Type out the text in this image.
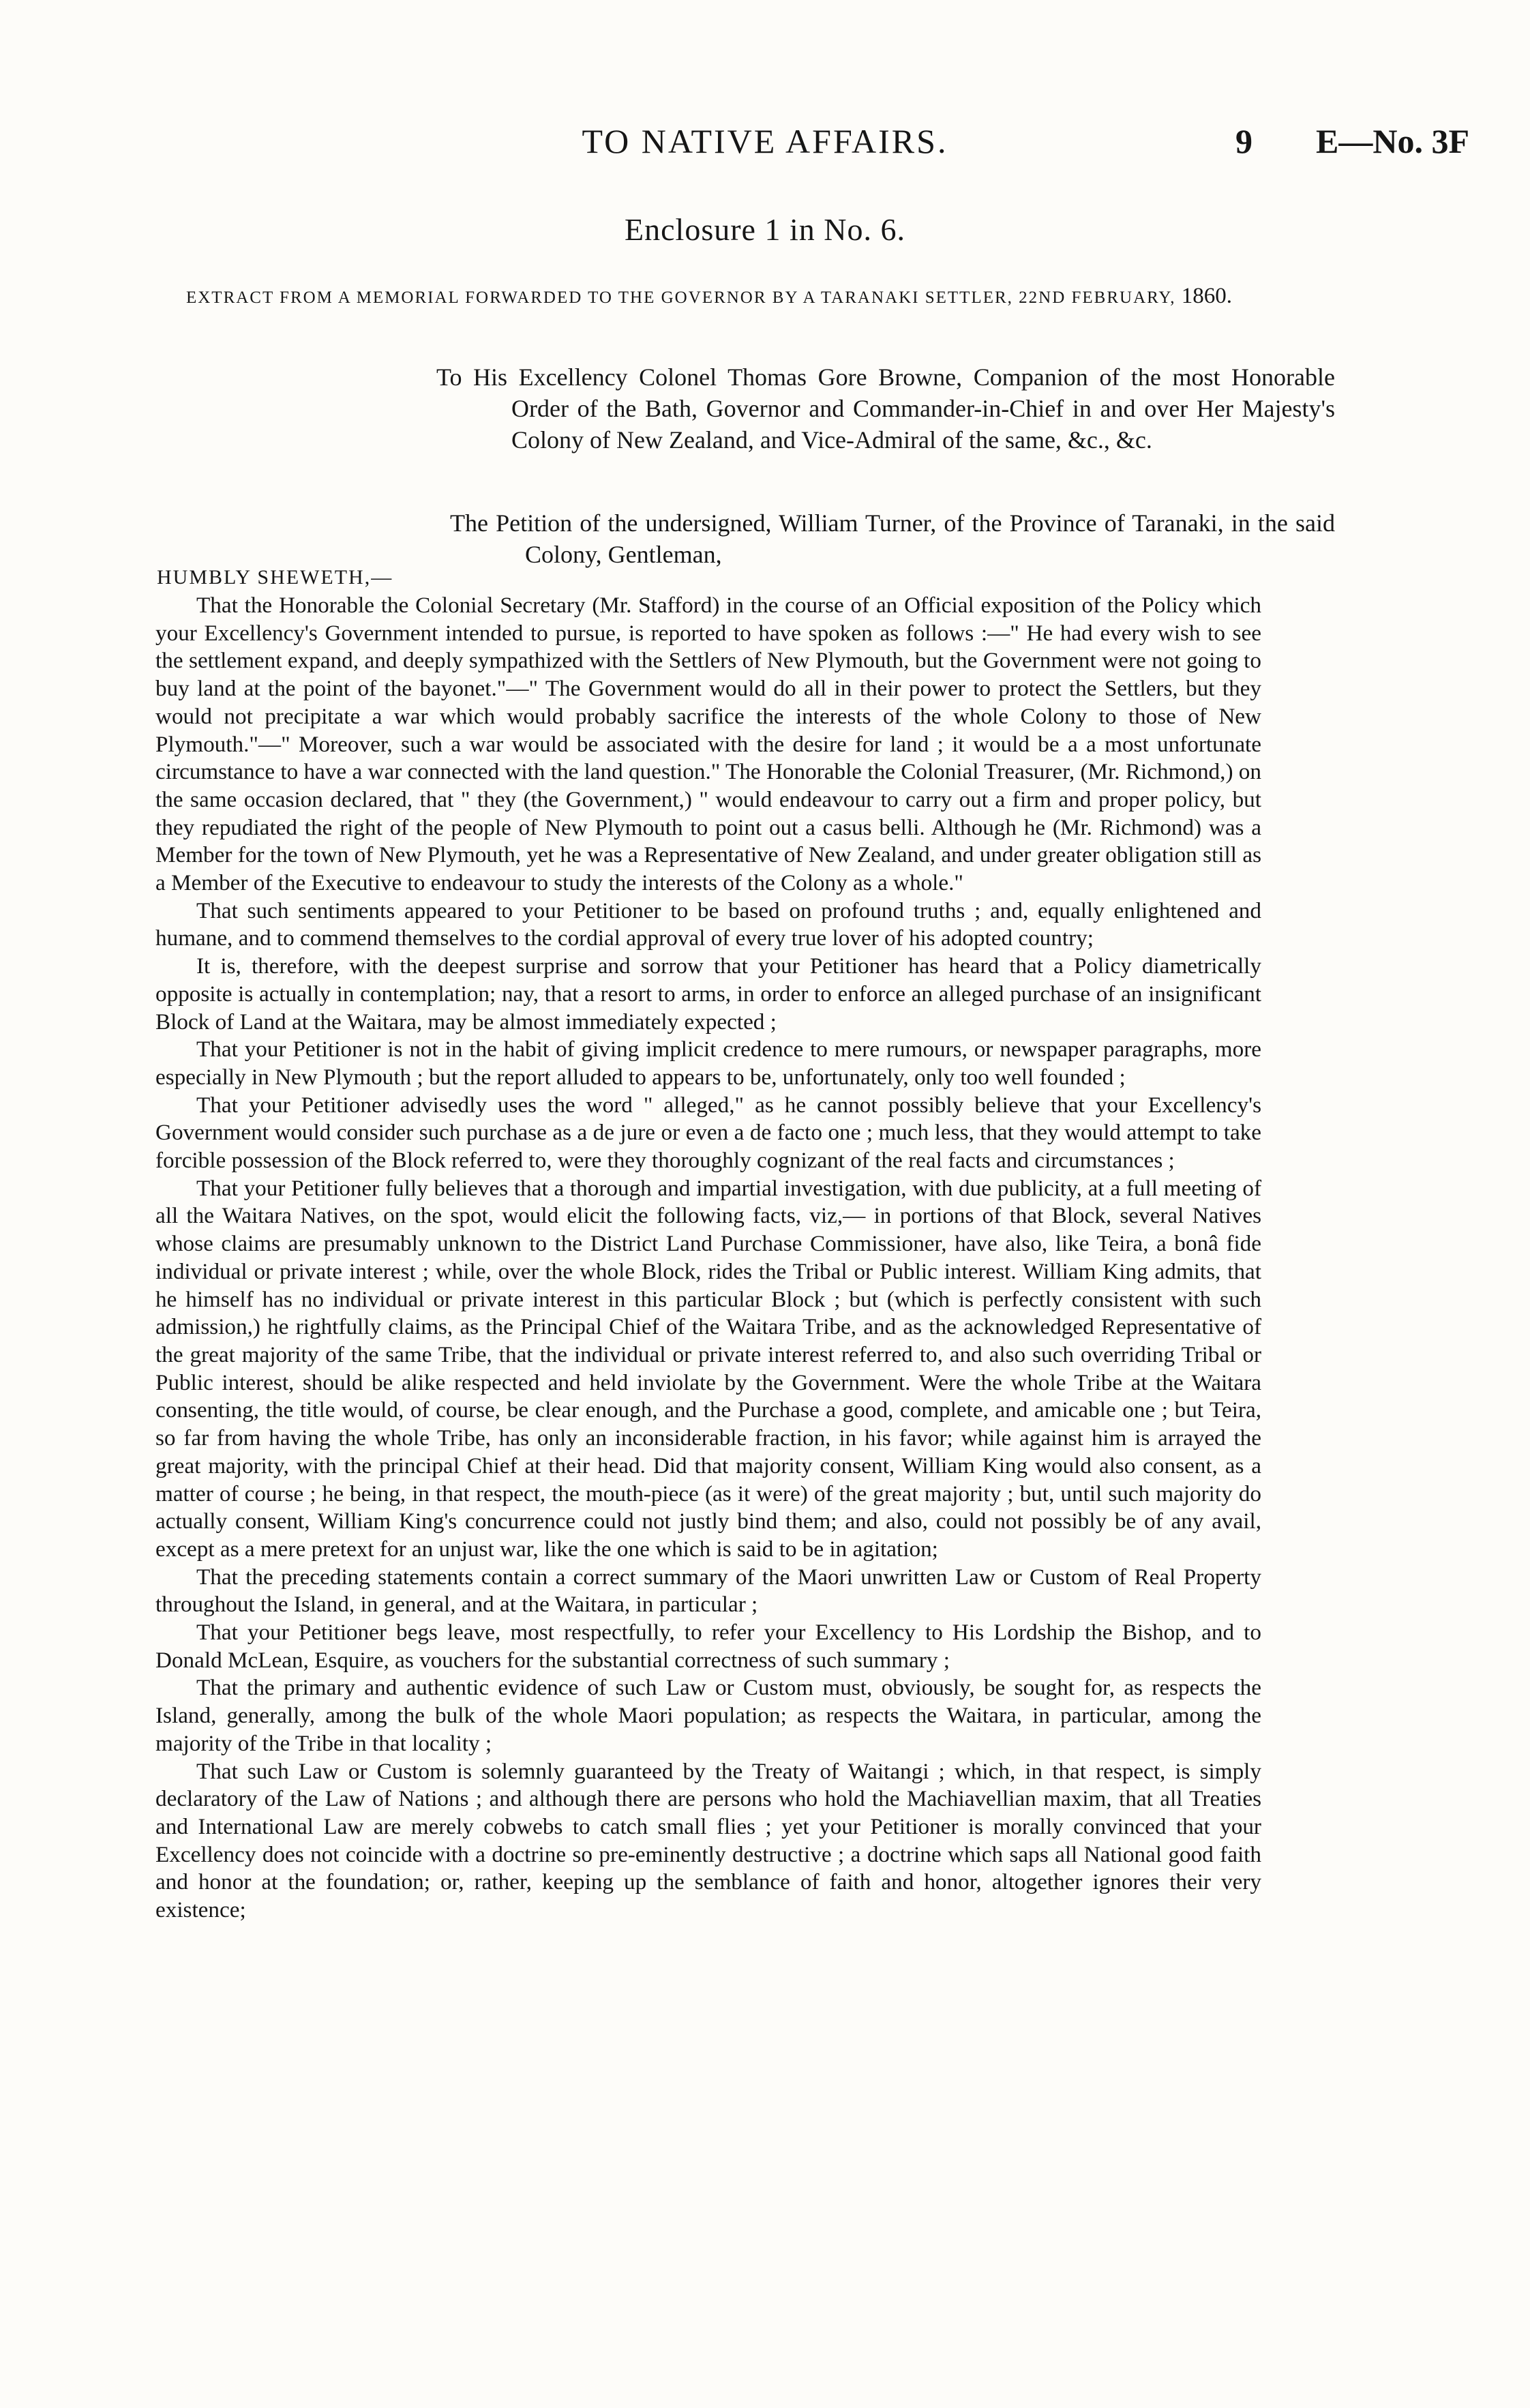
TO NATIVE AFFAIRS.	9 E—No. 3F
Enclosure 1 in No. 6.
EXTRACT FROM A MEMORIAL FORWARDED TO THE GOVERNOR BY A TARANAKI SETTLER, 22ND FEBRUARY, 1860.
To His Excellency Colonel Thomas Gore Browne, Companion of the most Honorable Order of the Bath, Governor and Commander-in-Chief in and over Her Majesty's Colony of New Zealand, and Vice-Admiral of the same, &c., &c.
The Petition of the undersigned, William Turner, of the Province of Taranaki, in the said Colony, Gentleman,
HUMBLY SHEWETH,—

That the Honorable the Colonial Secretary (Mr. Stafford) in the course of an Official exposition of the Policy which your Excellency's Government intended to pursue, is reported to have spoken as follows :—" He had every wish to see the settlement expand, and deeply sympathized with the Settlers of New Plymouth, but the Government were not going to buy land at the point of the bayonet."—" The Government would do all in their power to protect the Settlers, but they would not precipitate a war which would probably sacrifice the interests of the whole Colony to those of New Plymouth."—" Moreover, such a war would be associated with the desire for land ; it would be a a most unfortunate circumstance to have a war connected with the land question." The Honorable the Colonial Treasurer, (Mr. Richmond,) on the same occasion declared, that " they (the Government,) " would endeavour to carry out a firm and proper policy, but they repudiated the right of the people of New Plymouth to point out a casus belli. Although he (Mr. Richmond) was a Member for the town of New Plymouth, yet he was a Representative of New Zealand, and under greater obligation still as a Member of the Executive to endeavour to study the interests of the Colony as a whole."

That such sentiments appeared to your Petitioner to be based on profound truths ; and, equally enlightened and humane, and to commend themselves to the cordial approval of every true lover of his adopted country;

It is, therefore, with the deepest surprise and sorrow that your Petitioner has heard that a Policy diametrically opposite is actually in contemplation; nay, that a resort to arms, in order to enforce an alleged purchase of an insignificant Block of Land at the Waitara, may be almost immediately expected ;

That your Petitioner is not in the habit of giving implicit credence to mere rumours, or newspaper paragraphs, more especially in New Plymouth ; but the report alluded to appears to be, unfortunately, only too well founded ;

That your Petitioner advisedly uses the word " alleged," as he cannot possibly believe that your Excellency's Government would consider such purchase as a de jure or even a de facto one ; much less, that they would attempt to take forcible possession of the Block referred to, were they thoroughly cognizant of the real facts and circumstances ;

That your Petitioner fully believes that a thorough and impartial investigation, with due publicity, at a full meeting of all the Waitara Natives, on the spot, would elicit the following facts, viz,— in portions of that Block, several Natives whose claims are presumably unknown to the District Land Purchase Commissioner, have also, like Teira, a bonâ fide individual or private interest ; while, over the whole Block, rides the Tribal or Public interest. William King admits, that he himself has no individual or private interest in this particular Block ; but (which is perfectly consistent with such admission,) he rightfully claims, as the Principal Chief of the Waitara Tribe, and as the acknowledged Representative of the great majority of the same Tribe, that the individual or private interest referred to, and also such overriding Tribal or Public interest, should be alike respected and held inviolate by the Government. Were the whole Tribe at the Waitara consenting, the title would, of course, be clear enough, and the Purchase a good, complete, and amicable one ; but Teira, so far from having the whole Tribe, has only an inconsiderable fraction, in his favor; while against him is arrayed the great majority, with the principal Chief at their head. Did that majority consent, William King would also consent, as a matter of course ; he being, in that respect, the mouth-piece (as it were) of the great majority ; but, until such majority do actually consent, William King's concurrence could not justly bind them; and also, could not possibly be of any avail, except as a mere pretext for an unjust war, like the one which is said to be in agitation;

That the preceding statements contain a correct summary of the Maori unwritten Law or Custom of Real Property throughout the Island, in general, and at the Waitara, in particular ;

That your Petitioner begs leave, most respectfully, to refer your Excellency to His Lordship the Bishop, and to Donald McLean, Esquire, as vouchers for the substantial correctness of such summary ;

That the primary and authentic evidence of such Law or Custom must, obviously, be sought for, as respects the Island, generally, among the bulk of the whole Maori population; as respects the Waitara, in particular, among the majority of the Tribe in that locality ;

That such Law or Custom is solemnly guaranteed by the Treaty of Waitangi ; which, in that respect, is simply declaratory of the Law of Nations ; and although there are persons who hold the Machiavellian maxim, that all Treaties and International Law are merely cobwebs to catch small flies ; yet your Petitioner is morally convinced that your Excellency does not coincide with a doctrine so pre-eminently destructive ; a doctrine which saps all National good faith and honor at the foundation; or, rather, keeping up the semblance of faith and honor, altogether ignores their very existence;
